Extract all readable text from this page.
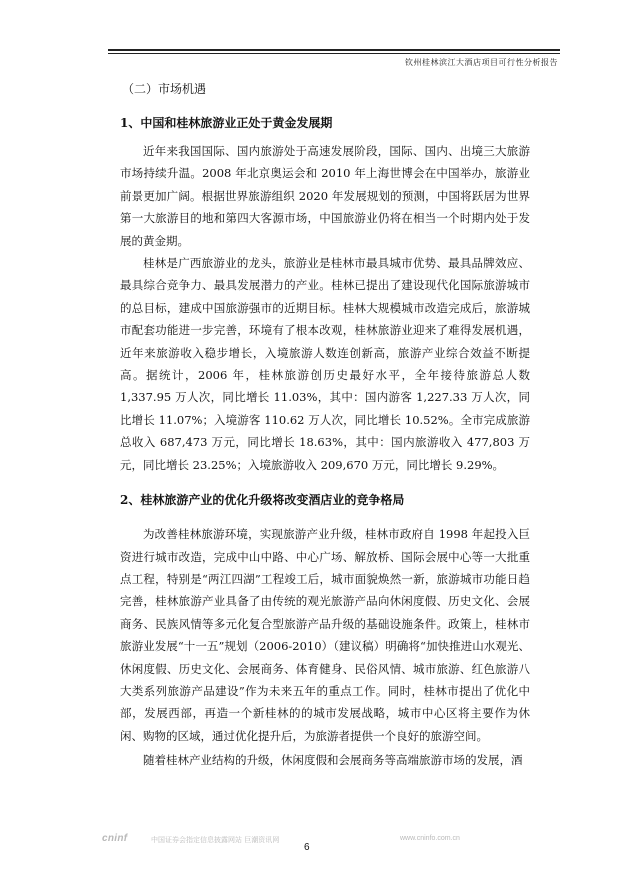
钦州桂林滨江大酒店项目可行性分析报告

（二）市场机遇

1、中国和桂林旅游业正处于黄金发展期

近年来我国国际、国内旅游处于高速发展阶段，国际、国内、出境三大旅游市场持续升温。2008 年北京奥运会和 2010 年上海世博会在中国举办，旅游业前景更加广阔。根据世界旅游组织 2020 年发展规划的预测，中国将跃居为世界第一大旅游目的地和第四大客源市场，中国旅游业仍将在相当一个时期内处于发展的黄金期。

桂林是广西旅游业的龙头，旅游业是桂林市最具城市优势、最具品牌效应、最具综合竞争力、最具发展潜力的产业。桂林已提出了建设现代化国际旅游城市的总目标，建成中国旅游强市的近期目标。桂林大规模城市改造完成后，旅游城市配套功能进一步完善，环境有了根本改观，桂林旅游业迎来了难得发展机遇，近年来旅游收入稳步增长，入境旅游人数连创新高，旅游产业综合效益不断提高。据统计，2006 年，桂林旅游创历史最好水平，全年接待旅游总人数 1,337.95 万人次，同比增长 11.03%，其中：国内游客 1,227.33 万人次，同比增长 11.07%；入境游客 110.62 万人次，同比增长 10.52%。全市完成旅游总收入 687,473 万元，同比增长 18.63%，其中：国内旅游收入 477,803 万元，同比增长 23.25%；入境旅游收入 209,670 万元，同比增长 9.29%。

2、桂林旅游产业的优化升级将改变酒店业的竞争格局

为改善桂林旅游环境，实现旅游产业升级，桂林市政府自 1998 年起投入巨资进行城市改造，完成中山中路、中心广场、解放桥、国际会展中心等一大批重点工程，特别是“两江四湖”工程竣工后，城市面貌焕然一新，旅游城市功能日趋完善，桂林旅游产业具备了由传统的观光旅游产品向休闲度假、历史文化、会展商务、民族风情等多元化复合型旅游产品升级的基础设施条件。政策上，桂林市旅游业发展“十一五”规划（2006-2010）（建议稿）明确将“加快推进山水观光、休闲度假、历史文化、会展商务、体育健身、民俗风情、城市旅游、红色旅游八大类系列旅游产品建设”作为未来五年的重点工作。同时，桂林市提出了优化中部，发展西部，再造一个新桂林的的城市发展战略，城市中心区将主要作为休闲、购物的区域，通过优化提升后，为旅游者提供一个良好的旅游空间。

随着桂林产业结构的升级，休闲度假和会展商务等高端旅游市场的发展，酒

cninf	中国证券会指定信息披露网站 巨潮资讯网	www.cninfo.com.cn
6
